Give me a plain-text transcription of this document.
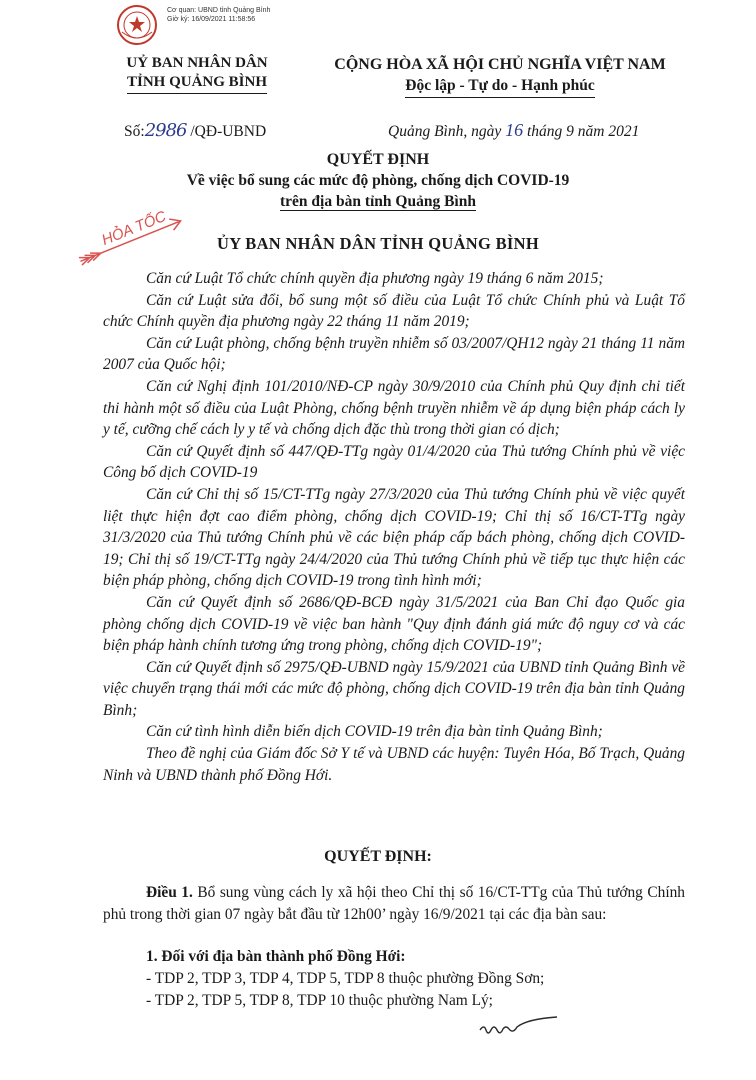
Cơ quan: UBND tỉnh Quảng Bình
Giờ ký: 16/09/2021 11:58:56
UỶ BAN NHÂN DÂN
TỈNH QUẢNG BÌNH
CỘNG HÒA XÃ HỘI CHỦ NGHĨA VIỆT NAM
Độc lập - Tự do - Hạnh phúc
Số:2986 /QĐ-UBND	Quảng Bình, ngày 16 tháng 9 năm 2021
QUYẾT ĐỊNH
Về việc bổ sung các mức độ phòng, chống dịch COVID-19
trên địa bàn tỉnh Quảng Bình
HỎA TỐC	ỦY BAN NHÂN DÂN TỈNH QUẢNG BÌNH

Căn cứ Luật Tổ chức chính quyền địa phương ngày 19 tháng 6 năm 2015;

Căn cứ Luật sửa đổi, bổ sung một số điều của Luật Tổ chức Chính phủ và Luật Tổ chức Chính quyền địa phương ngày 22 tháng 11 năm 2019;

Căn cứ Luật phòng, chống bệnh truyền nhiễm số 03/2007/QH12 ngày 21 tháng 11 năm 2007 của Quốc hội;

Căn cứ Nghị định 101/2010/NĐ-CP ngày 30/9/2010 của Chính phủ Quy định chi tiết thi hành một số điều của Luật Phòng, chống bệnh truyền nhiễm về áp dụng biện pháp cách ly y tế, cưỡng chế cách ly y tế và chống dịch đặc thù trong thời gian có dịch;

Căn cứ Quyết định số 447/QĐ-TTg ngày 01/4/2020 của Thủ tướng Chính phủ về việc Công bố dịch COVID-19

Căn cứ Chỉ thị số 15/CT-TTg ngày 27/3/2020 của Thủ tướng Chính phủ về việc quyết liệt thực hiện đợt cao điểm phòng, chống dịch COVID-19; Chỉ thị số 16/CT-TTg ngày 31/3/2020 của Thủ tướng Chính phủ về các biện pháp cấp bách phòng, chống dịch COVID-19; Chỉ thị số 19/CT-TTg ngày 24/4/2020 của Thủ tướng Chính phủ về tiếp tục thực hiện các biện pháp phòng, chống dịch COVID-19 trong tình hình mới;

Căn cứ Quyết định số 2686/QĐ-BCĐ ngày 31/5/2021 của Ban Chỉ đạo Quốc gia phòng chống dịch COVID-19 về việc ban hành "Quy định đánh giá mức độ nguy cơ và các biện pháp hành chính tương ứng trong phòng, chống dịch COVID-19";

Căn cứ Quyết định số 2975/QĐ-UBND ngày 15/9/2021 của UBND tỉnh Quảng Bình về việc chuyển trạng thái mới các mức độ phòng, chống dịch COVID-19 trên địa bàn tỉnh Quảng Bình;

Căn cứ tình hình diễn biến dịch COVID-19 trên địa bàn tỉnh Quảng Bình;

Theo đề nghị của Giám đốc Sở Y tế và UBND các huyện: Tuyên Hóa, Bố Trạch, Quảng Ninh và UBND thành phố Đồng Hới.

QUYẾT ĐỊNH:

Điều 1. Bổ sung vùng cách ly xã hội theo Chỉ thị số 16/CT-TTg của Thủ tướng Chính phủ trong thời gian 07 ngày bắt đầu từ 12h00’ ngày 16/9/2021 tại các địa bàn sau:

1. Đối với địa bàn thành phố Đồng Hới:
- TDP 2, TDP 3, TDP 4, TDP 5, TDP 8 thuộc phường Đồng Sơn;
- TDP 2, TDP 5, TDP 8, TDP 10 thuộc phường Nam Lý;
